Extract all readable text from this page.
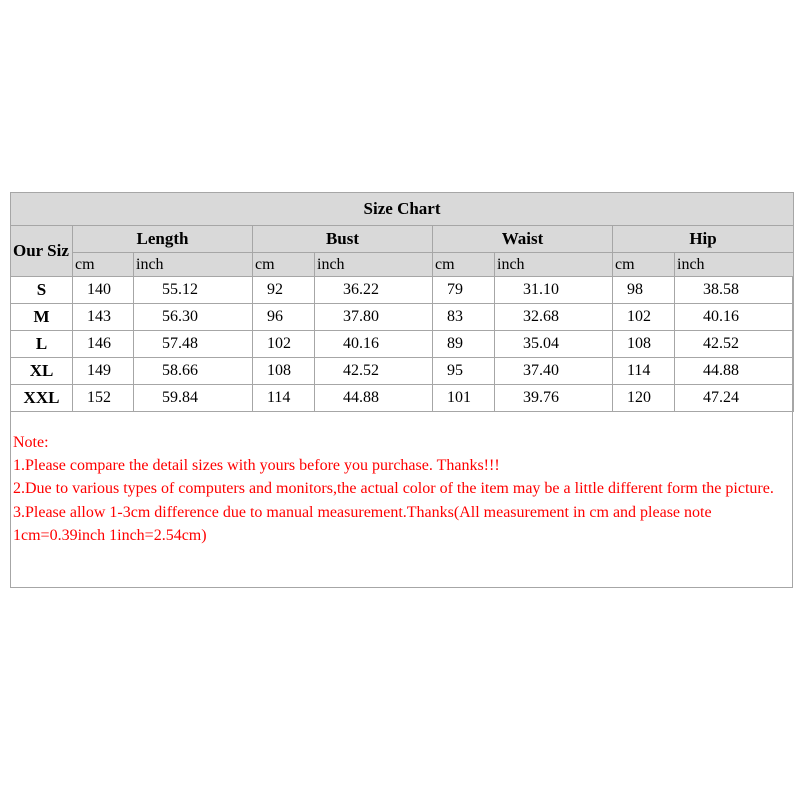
Size Chart								
Our Siz	Length		Bust		Waist		Hip	
	cm	inch	cm	inch	cm	inch	cm	inch
S	140	55.12	92	36.22	79	31.10	98	38.58
M	143	56.30	96	37.80	83	32.68	102	40.16
L	146	57.48	102	40.16	89	35.04	108	42.52
XL	149	58.66	108	42.52	95	37.40	114	44.88
XXL	152	59.84	114	44.88	101	39.76	120	47.24
Note:
1.Please compare the detail sizes with yours before you purchase. Thanks!!!
2.Due to various types of computers and monitors,the actual color of the item may be a little different form the picture.
3.Please allow 1-3cm difference due to manual measurement.Thanks(All measurement in cm and please note 1cm=0.39inch 1inch=2.54cm)
